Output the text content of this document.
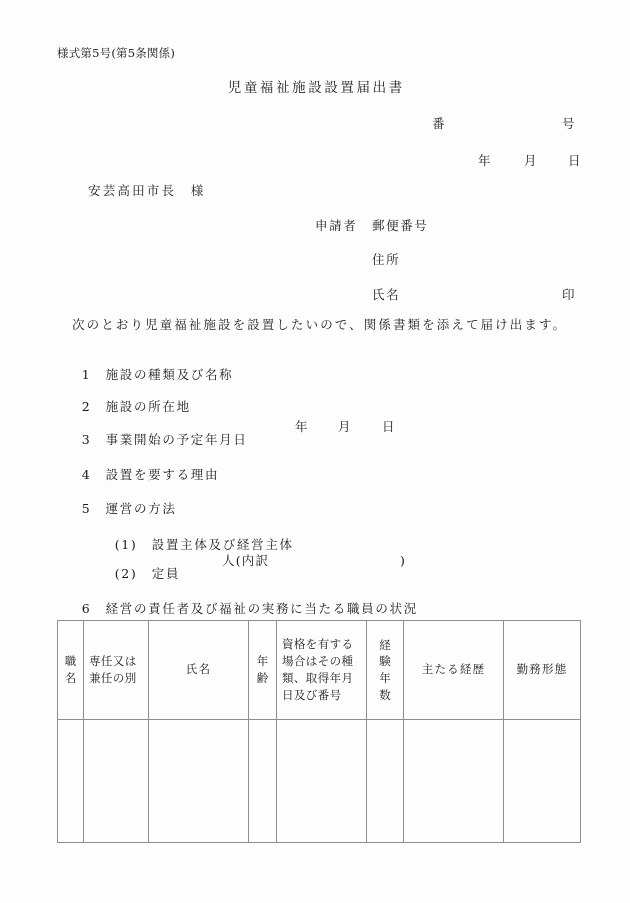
様式第5号(第5条関係)
児童福祉施設設置届出書
番	号
年	月 日
安芸高田市長　様
申請者 郵便番号
住所
氏名	印
次のとおり児童福祉施設を設置したいので、関係書類を添えて届け出ます。

1　 施設の種類及び名称

2　 施設の所在地

3　 事業開始の予定年月日

年 月 日

4　 設置を要する理由

5　 運営の方法

(1)　 設置主体及び経営主体

(2)　 定員

人(内訳	)

6　 経営の責任者及び福祉の実務に当たる職員の状況

職名	専任又は兼任の別	氏名	年齢	資格を有する場合はその種類、取得年月日及び番号	経験年数	主たる経歴	勤務形態
